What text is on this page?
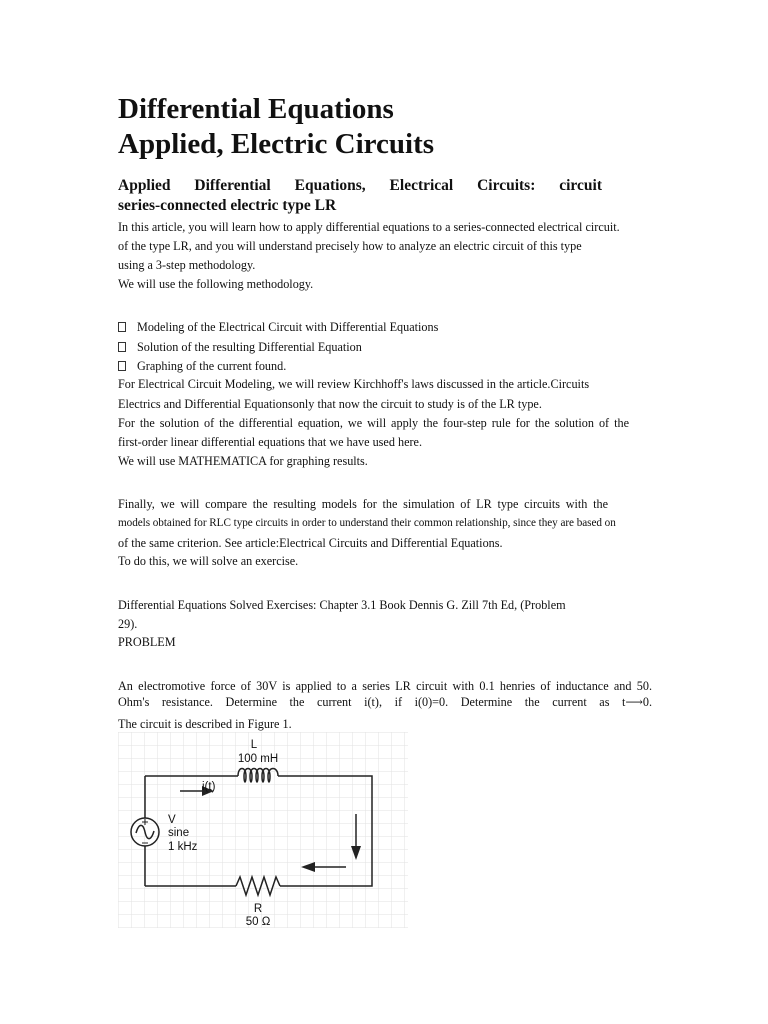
Differential Equations
Applied, Electric Circuits
Applied Differential Equations, Electrical Circuits: circuit
series-connected electric type LR
In this article, you will learn how to apply differential equations to a series-connected electrical circuit.
of the type LR, and you will understand precisely how to analyze an electric circuit of this type
using a 3-step methodology.
We will use the following methodology.
Modeling of the Electrical Circuit with Differential Equations
Solution of the resulting Differential Equation
Graphing of the current found.
For Electrical Circuit Modeling, we will review Kirchhoff's laws discussed in the article.Circuits
Electrics and Differential Equationsonly that now the circuit to study is of the LR type.
For the solution of the differential equation, we will apply the four-step rule for the solution of the
first-order linear differential equations that we have used here.
We will use MATHEMATICA for graphing results.
Finally, we will compare the resulting models for the simulation of LR type circuits with the
models obtained for RLC type circuits in order to understand their common relationship, since they are based on
of the same criterion. See article:Electrical Circuits and Differential Equations.
To do this, we will solve an exercise.
Differential Equations Solved Exercises: Chapter 3.1 Book Dennis G. Zill 7th Ed, (Problem
29).
PROBLEM
An electromotive force of 30V is applied to a series LR circuit with 0.1 henries of inductance and 50.
Ohm's resistance. Determine the current i(t), if i(0)=0. Determine the current as t⟶0.
The circuit is described in Figure 1.
L
100 mH
i(t)
V
sine
1 kHz
R
50 Ω
